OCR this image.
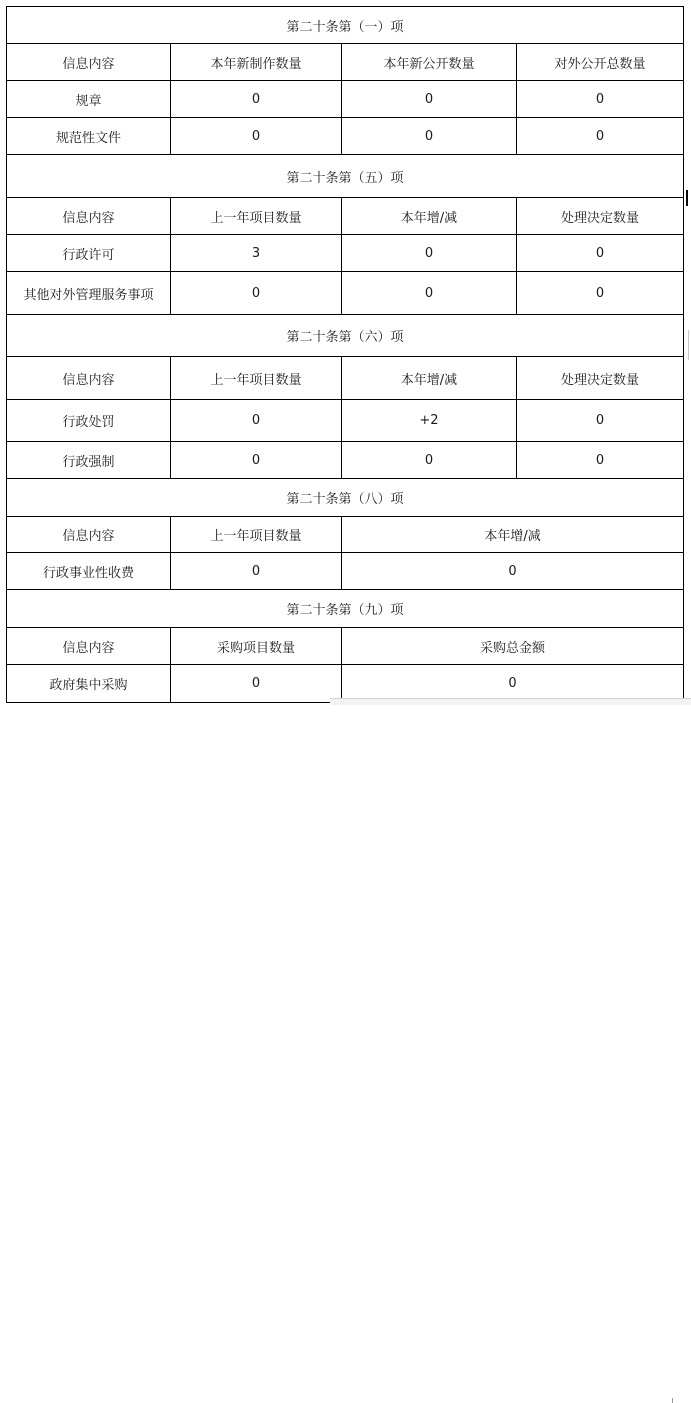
第二十条第（一）项			
信息内容	本年新制作数量	本年新公开数量	对外公开总数量
规章	0	0	0
规范性文件	0	0	0
第二十条第（五）项			
信息内容	上一年项目数量	本年增/减	处理决定数量
行政许可	3	0	0
其他对外管理服务事项	0	0	0
第二十条第（六）项			
信息内容	上一年项目数量	本年增/减	处理决定数量
行政处罚	0	+2	0
行政强制	0	0	0
第二十条第（八）项			
信息内容	上一年项目数量	本年增/减	
行政事业性收费	0	0	
第二十条第（九）项			
信息内容	采购项目数量	采购总金额	
政府集中采购	0	0	
